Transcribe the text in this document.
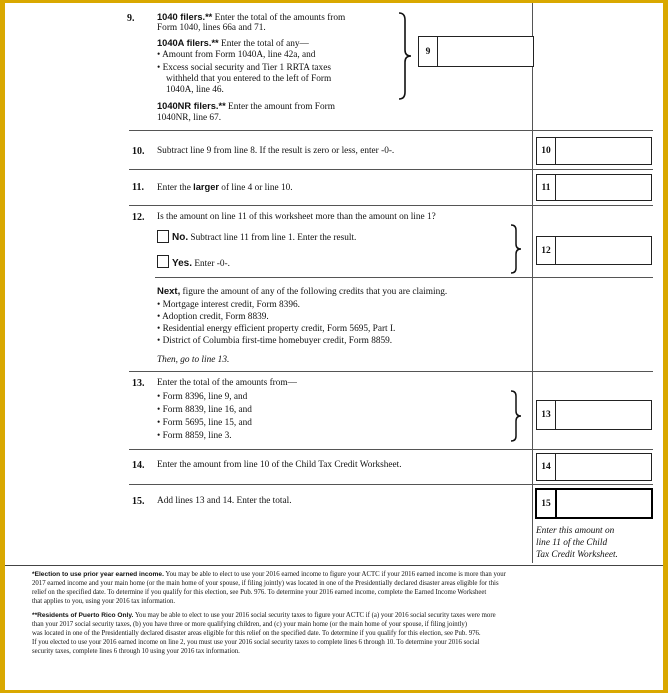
9. 1040 filers.** Enter the total of the amounts from
Form 1040, lines 66a and 71.
1040A filers.** Enter the total of any—
• Amount from Form 1040A, line 42a, and
• Excess social security and Tier 1 RRTA taxes
withheld that you entered to the left of Form
1040A, line 46.
1040NR filers.** Enter the amount from Form
1040NR, line 67.
9
10. Subtract line 9 from line 8. If the result is zero or less, enter -0-.	10
11. Enter the larger of line 4 or line 10.	11
12. Is the amount on line 11 of this worksheet more than the amount on line 1?
No. Subtract line 11 from line 1. Enter the result.
Yes. Enter -0-.
12
Next, figure the amount of any of the following credits that you are claiming.
• Mortgage interest credit, Form 8396.
• Adoption credit, Form 8839.
• Residential energy efficient property credit, Form 5695, Part I.
• District of Columbia first-time homebuyer credit, Form 8859.
Then, go to line 13.
13. Enter the total of the amounts from—
• Form 8396, line 9, and
• Form 8839, line 16, and
• Form 5695, line 15, and
• Form 8859, line 3.
13
14. Enter the amount from line 10 of the Child Tax Credit Worksheet.	14
15. Add lines 13 and 14. Enter the total.	15
Enter this amount on
line 11 of the Child
Tax Credit Worksheet.
*Election to use prior year earned income. You may be able to elect to use your 2016 earned income to figure your ACTC if your 2016 earned income is more than your
2017 earned income and your main home (or the main home of your spouse, if filing jointly) was located in one of the Presidentially declared disaster areas eligible for this
relief on the specified date. To determine if you qualify for this election, see Pub. 976. To determine your 2016 earned income, complete the Earned Income Worksheet
that applies to you, using your 2016 tax information.
**Residents of Puerto Rico Only. You may be able to elect to use your 2016 social security taxes to figure your ACTC if (a) your 2016 social security taxes were more
than your 2017 social security taxes, (b) you have three or more qualifying children, and (c) your main home (or the main home of your spouse, if filing jointly)
was located in one of the Presidentially declared disaster areas eligible for this relief on the specified date. To determine if you qualify for this election, see Pub. 976.
If you elected to use your 2016 earned income on line 2, you must use your 2016 social security taxes to complete lines 6 through 10. To determine your 2016 social
security taxes, complete lines 6 through 10 using your 2016 tax information.
